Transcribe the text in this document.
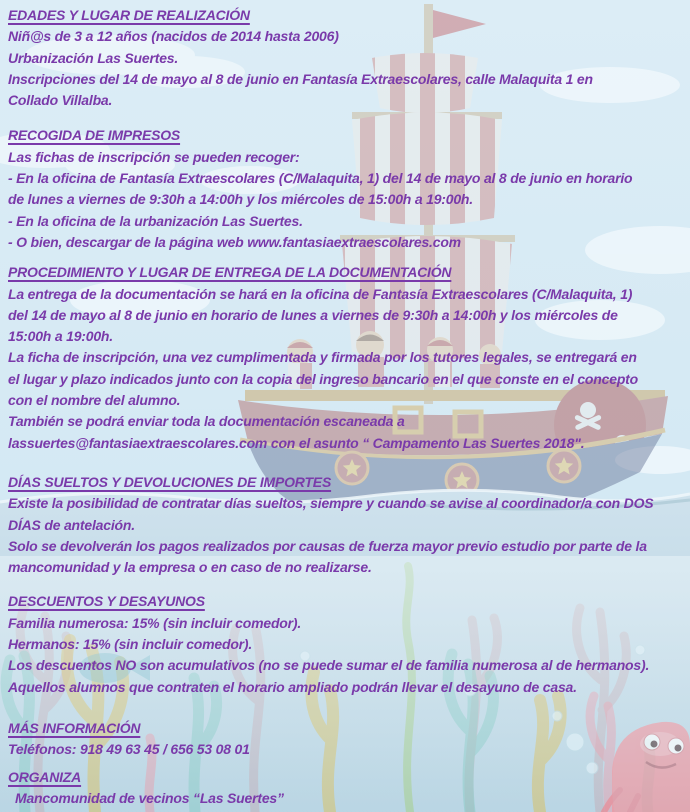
EDADES Y LUGAR DE REALIZACIÓN
Niñ@s de 3 a 12 años (nacidos de 2014 hasta 2006)
Urbanización Las Suertes.
Inscripciones del 14 de mayo al 8 de junio en Fantasía Extraescolares, calle Malaquita 1 en
Collado Villalba.
RECOGIDA DE IMPRESOS
Las fichas de inscripción se pueden recoger:
- En la oficina de Fantasía Extraescolares (C/Malaquita, 1) del 14 de mayo al 8 de junio en horario
de lunes a viernes de 9:30h a 14:00h y los miércoles de 15:00h a 19:00h.
- En la oficina de la urbanización Las Suertes.
- O bien, descargar de la página web www.fantasiaextraescolares.com
PROCEDIMIENTO Y LUGAR DE ENTREGA DE LA DOCUMENTACIÓN
La entrega de la documentación se hará en la oficina de Fantasía Extraescolares (C/Malaquita, 1)
del 14 de mayo al 8 de junio en horario de lunes a viernes de 9:30h a 14:00h y los miércoles de
15:00h a 19:00h.
La ficha de inscripción, una vez cumplimentada y firmada por los tutores legales, se entregará en
el lugar y plazo indicados junto con la copia del ingreso bancario en el que conste en el concepto
con el nombre del alumno.
También se podrá enviar toda la documentación escaneada a
lassuertes@fantasiaextraescolares.com con el asunto “ Campamento Las Suertes 2018".
DÍAS SUELTOS Y DEVOLUCIONES DE IMPORTES
Existe la posibilidad de contratar días sueltos, siempre y cuando se avise al coordinador/a con DOS
DÍAS de antelación.
Solo se devolverán los pagos realizados por causas de fuerza mayor previo estudio por parte de la
mancomunidad y la empresa o en caso de no realizarse.
DESCUENTOS Y DESAYUNOS
Familia numerosa: 15% (sin incluir comedor).
Hermanos: 15% (sin incluir comedor).
Los descuentos NO son acumulativos (no se puede sumar el de familia numerosa al de hermanos).
Aquellos alumnos que contraten el horario ampliado podrán llevar el desayuno de casa.
MÁS INFORMACIÓN
Teléfonos: 918 49 63 45 / 656 53 08 01
ORGANIZA
Mancomunidad de vecinos “Las Suertes”
